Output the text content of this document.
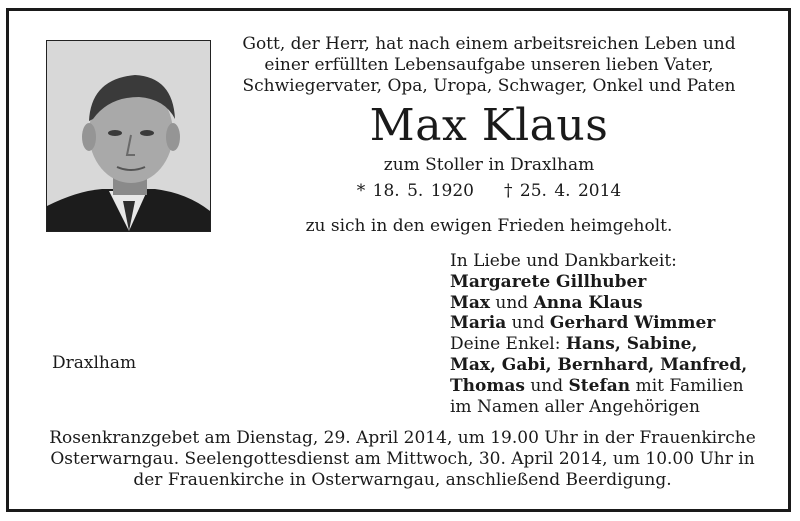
Gott, der Herr, hat nach einem arbeitsreichen Leben und
einer erfüllten Lebensaufgabe unseren lieben Vater,
Schwiegervater, Opa, Uropa, Schwager, Onkel und Paten
Max Klaus
zum Stoller in Draxlham
* 18. 5. 1920 † 25. 4. 2014
zu sich in den ewigen Frieden heimgeholt.
In Liebe und Dankbarkeit:
Margarete Gillhuber
Max und Anna Klaus
Maria und Gerhard Wimmer
Deine Enkel: Hans, Sabine,
Max, Gabi, Bernhard, Manfred,
Thomas und Stefan mit Familien
im Namen aller Angehörigen
Draxlham
Rosenkranzgebet am Dienstag, 29. April 2014, um 19.00 Uhr in der Frauenkirche
Osterwarngau. Seelengottesdienst am Mittwoch, 30. April 2014, um 10.00 Uhr in
der Frauenkirche in Osterwarngau, anschließend Beerdigung.
